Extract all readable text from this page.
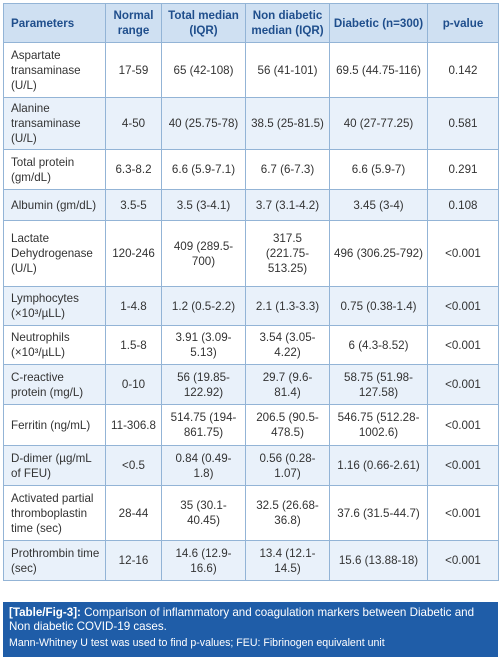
Parameters	Normal range	Total median (IQR)	Non diabetic median (IQR)	Diabetic (n=300)	p-value
Aspartate transaminase (U/L)	17-59	65 (42-108)	56 (41-101)	69.5 (44.75-116)	0.142
Alanine transaminase (U/L)	4-50	40 (25.75-78)	38.5 (25-81.5)	40 (27-77.25)	0.581
Total protein (gm/dL)	6.3-8.2	6.6 (5.9-7.1)	6.7 (6-7.3)	6.6 (5.9-7)	0.291
Albumin (gm/dL)	3.5-5	3.5 (3-4.1)	3.7 (3.1-4.2)	3.45 (3-4)	0.108
Lactate Dehydrogenase (U/L)	120-246	409 (289.5-700)	317.5 (221.75-513.25)	496 (306.25-792)	<0.001
Lymphocytes (×10³/µLL)	1-4.8	1.2 (0.5-2.2)	2.1 (1.3-3.3)	0.75 (0.38-1.4)	<0.001
Neutrophils (×10³/µLL)	1.5-8	3.91 (3.09-5.13)	3.54 (3.05-4.22)	6 (4.3-8.52)	<0.001
C-reactive protein (mg/L)	0-10	56 (19.85-122.92)	29.7 (9.6-81.4)	58.75 (51.98-127.58)	<0.001
Ferritin (ng/mL)	11-306.8	514.75 (194-861.75)	206.5 (90.5-478.5)	546.75 (512.28-1002.6)	<0.001
D-dimer (µg/mL of FEU)	<0.5	0.84 (0.49-1.8)	0.56 (0.28-1.07)	1.16 (0.66-2.61)	<0.001
Activated partial thromboplastin time (sec)	28-44	35 (30.1-40.45)	32.5 (26.68-36.8)	37.6 (31.5-44.7)	<0.001
Prothrombin time (sec)	12-16	14.6 (12.9-16.6)	13.4 (12.1-14.5)	15.6 (13.88-18)	<0.001
[Table/Fig-3]: Comparison of inflammatory and coagulation markers between Diabetic and Non diabetic COVID-19 cases.
Mann-Whitney U test was used to find p-values; FEU: Fibrinogen equivalent unit
